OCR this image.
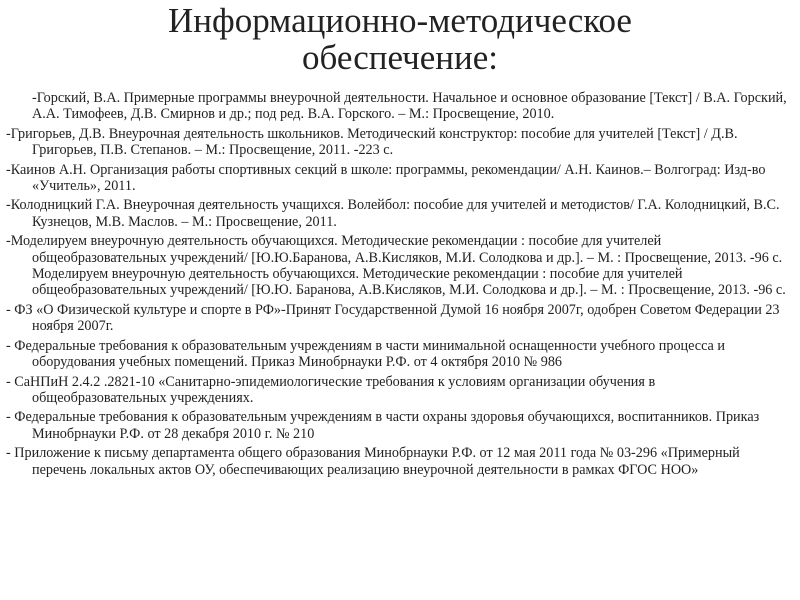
Информационно-методическое
обеспечение:
-Горский, В.А. Примерные программы внеурочной деятельности. Начальное и основное образование [Текст] / В.А. Горский, А.А. Тимофеев, Д.В. Смирнов и др.; под ред. В.А. Горского. – М.: Просвещение, 2010.
-Григорьев, Д.В. Внеурочная деятельность школьников. Методический конструктор: пособие для учителей [Текст] / Д.В. Григорьев, П.В. Степанов. – М.: Просвещение, 2011. -223 с.
-Каинов А.Н. Организация работы спортивных секций в школе: программы, рекомендации/ А.Н. Каинов.– Волгоград: Изд-во «Учитель», 2011.
-Колодницкий Г.А. Внеурочная деятельность учащихся. Волейбол: пособие для учителей и методистов/ Г.А. Колодницкий, В.С. Кузнецов, М.В. Маслов. – М.: Просвещение, 2011.
-Моделируем внеурочную деятельность обучающихся. Методические рекомендации : пособие для учителей общеобразовательных учреждений/ [Ю.Ю.Баранова, А.В.Кисляков, М.И. Солодкова и др.]. – М. : Просвещение, 2013. -96 с. Моделируем внеурочную деятельность обучающихся. Методические рекомендации : пособие для учителей общеобразовательных учреждений/ [Ю.Ю. Баранова, А.В.Кисляков, М.И. Солодкова и др.]. – М. : Просвещение, 2013. -96 с.
- ФЗ «О Физической культуре и спорте в РФ»-Принят Государственной Думой 16 ноября 2007г, одобрен Советом Федерации 23 ноября 2007г.
- Федеральные требования к образовательным учреждениям в части минимальной оснащенности учебного процесса и оборудования учебных помещений. Приказ Минобрнауки Р.Ф. от 4 октября 2010 № 986
- СаНПиН 2.4.2 .2821-10 «Санитарно-эпидемиологические требования к условиям организации обучения в общеобразовательных учреждениях.
- Федеральные требования к образовательным учреждениям в части охраны здоровья обучающихся, воспитанников. Приказ Минобрнауки Р.Ф. от 28 декабря 2010 г. № 210
- Приложение к письму департамента общего образования Минобрнауки Р.Ф. от 12 мая 2011 года № 03-296 «Примерный перечень локальных актов ОУ, обеспечивающих реализацию внеурочной деятельности в рамках ФГОС НОО»
